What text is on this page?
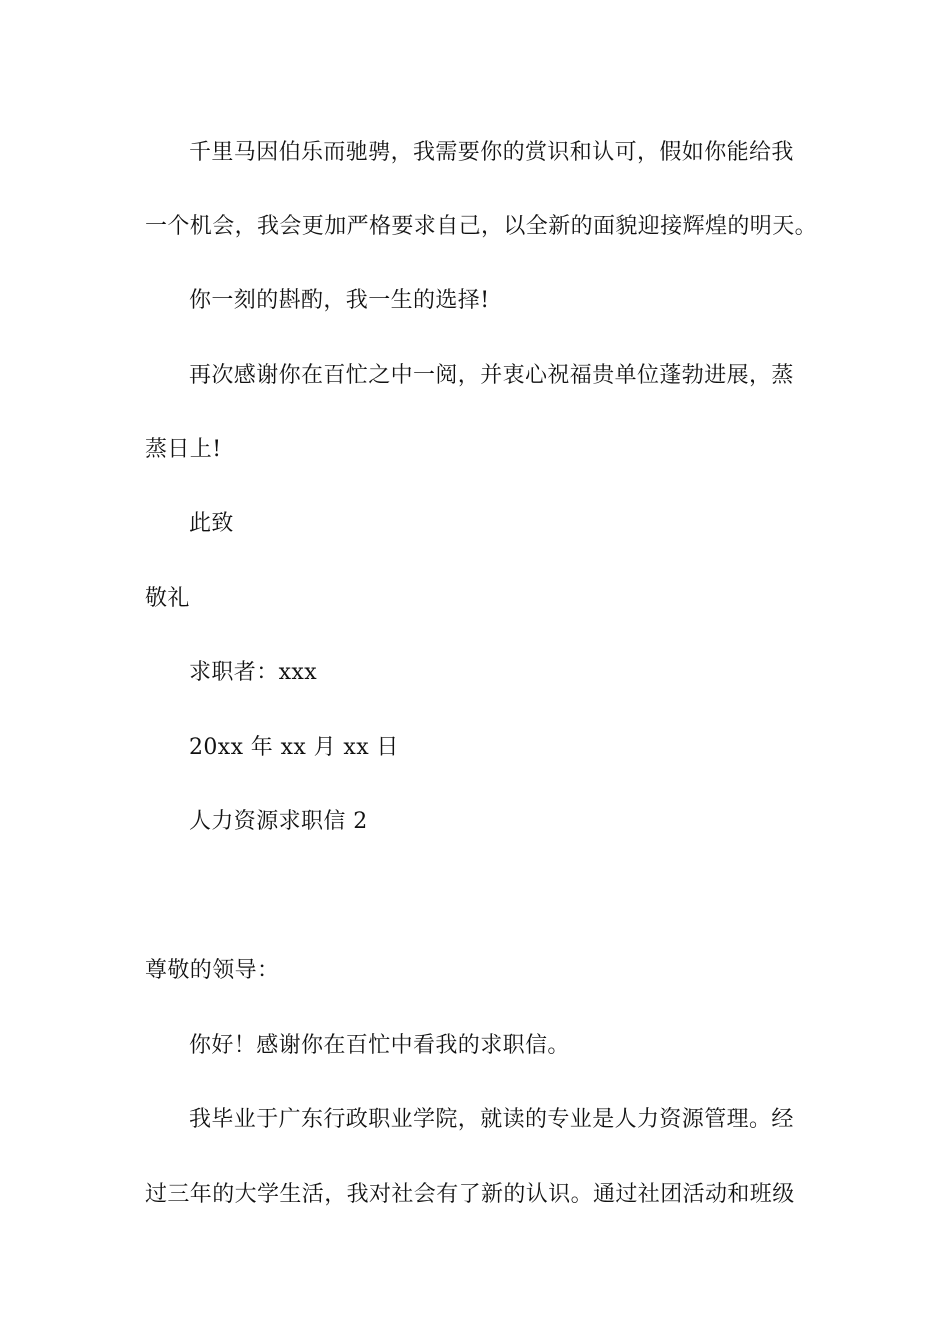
千里马因伯乐而驰骋，我需要你的赏识和认可，假如你能给我
一个机会，我会更加严格要求自己，以全新的面貌迎接辉煌的明天。
你一刻的斟酌，我一生的选择!
再次感谢你在百忙之中一阅，并衷心祝福贵单位蓬勃进展，蒸
蒸日上!
此致
敬礼
求职者：xxx
20xx 年 xx 月 xx 日
人力资源求职信 2
尊敬的领导：
你好！感谢你在百忙中看我的求职信。
我毕业于广东行政职业学院，就读的专业是人力资源管理。经
过三年的大学生活，我对社会有了新的认识。通过社团活动和班级
